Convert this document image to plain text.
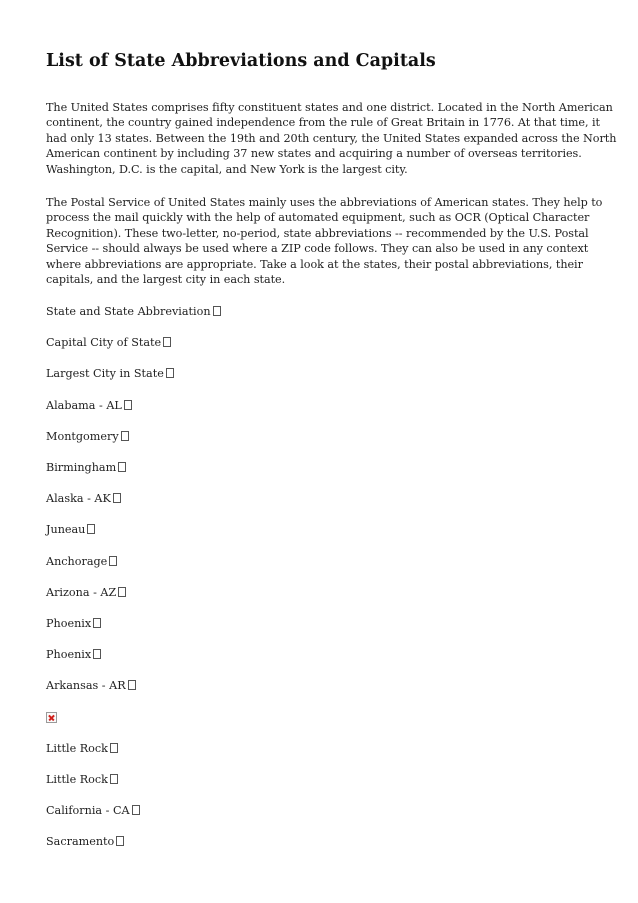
List of State Abbreviations and Capitals

The United States comprises fifty constituent states and one district. Located in the North American
continent, the country gained independence from the rule of Great Britain in 1776. At that time, it
had only 13 states. Between the 19th and 20th century, the United States expanded across the North
American continent by including 37 new states and acquiring a number of overseas territories.
Washington, D.C. is the capital, and New York is the largest city.

The Postal Service of United States mainly uses the abbreviations of American states. They help to
process the mail quickly with the help of automated equipment, such as OCR (Optical Character
Recognition). These two-letter, no-period, state abbreviations -- recommended by the U.S. Postal
Service -- should always be used where a ZIP code follows. They can also be used in any context
where abbreviations are appropriate. Take a look at the states, their postal abbreviations, their
capitals, and the largest city in each state.

State and State Abbreviation
Capital City of State
Largest City in State
Alabama - AL
Montgomery
Birmingham
Alaska - AK
Juneau
Anchorage
Arizona - AZ
Phoenix
Phoenix
Arkansas - AR
Little Rock
Little Rock
California - CA
Sacramento
